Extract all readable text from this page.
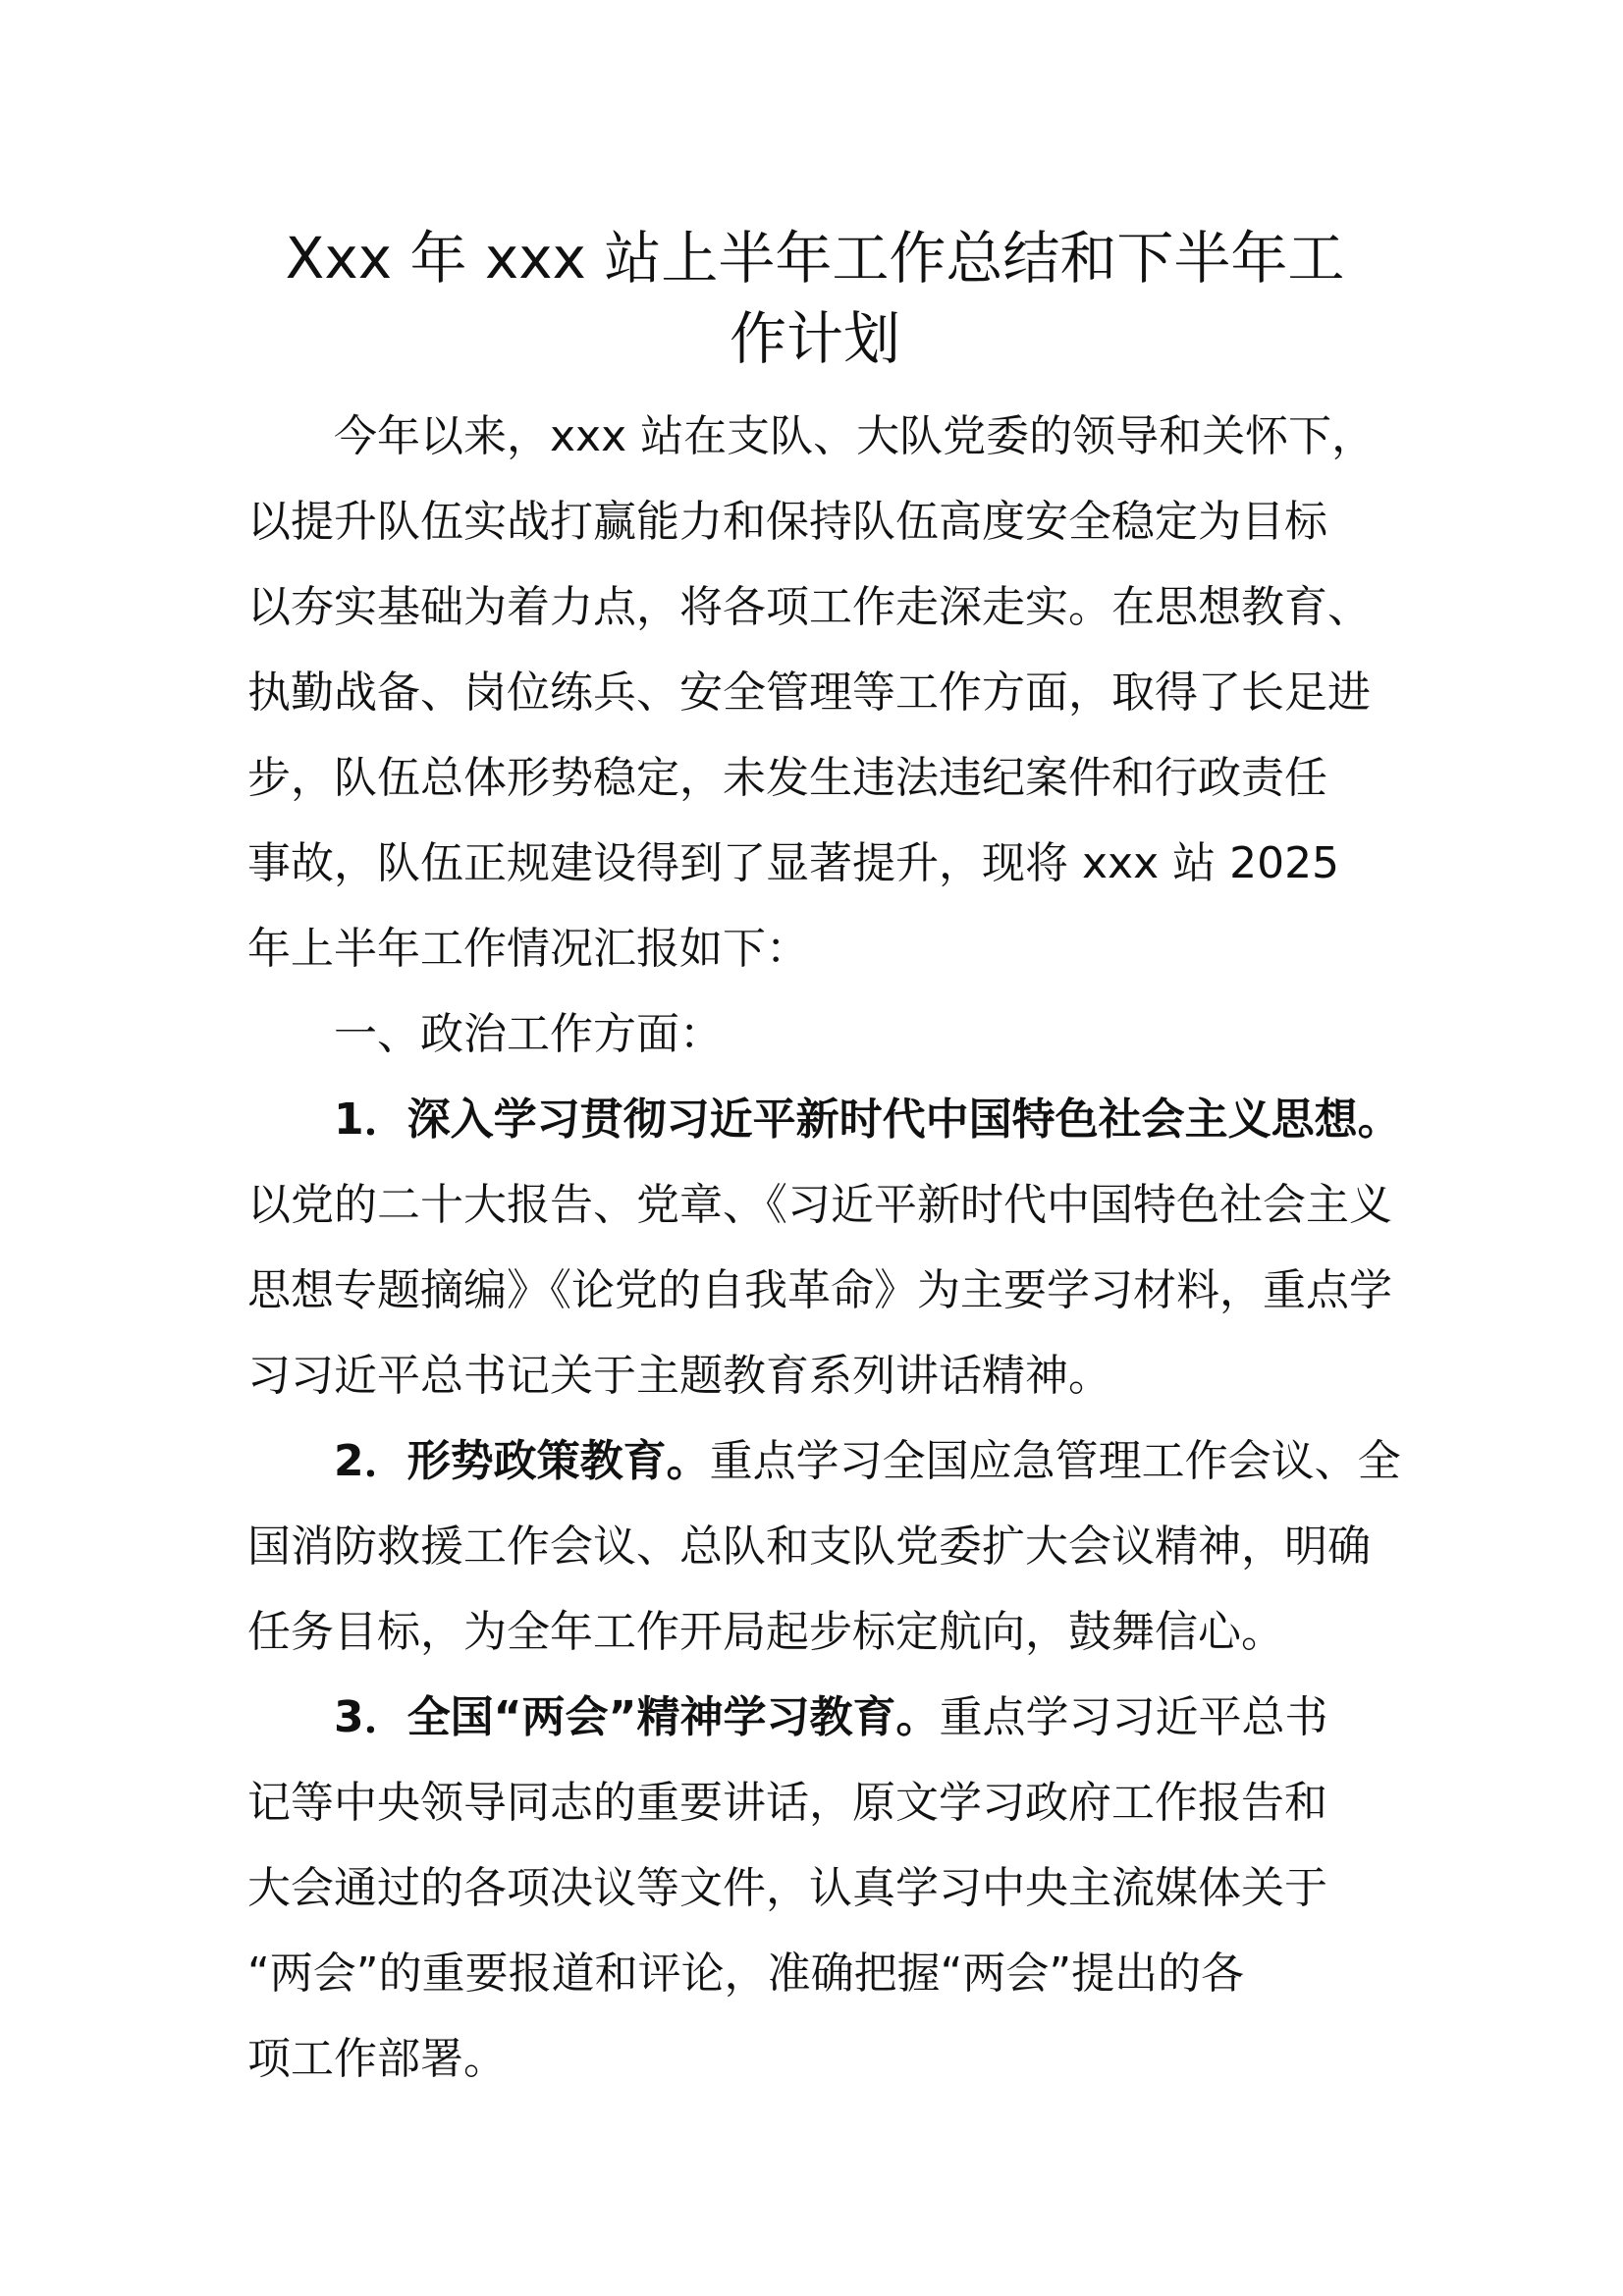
Xxx 年 xxx 站上半年工作总结和下半年工
作计划

今年以来，xxx 站在支队、大队党委的领导和关怀下，

以提升队伍实战打赢能力和保持队伍高度安全稳定为目标

以夯实基础为着力点，将各项工作走深走实。在思想教育、

执勤战备、岗位练兵、安全管理等工作方面，取得了长足进

步，队伍总体形势稳定，未发生违法违纪案件和行政责任

事故，队伍正规建设得到了显著提升，现将 xxx 站 2025

年上半年工作情况汇报如下：

一、政治工作方面：

1．深入学习贯彻习近平新时代中国特色社会主义思想。

以党的二十大报告、党章、《习近平新时代中国特色社会主义

思想专题摘编》《论党的自我革命》为主要学习材料，重点学

习习近平总书记关于主题教育系列讲话精神。

2．形势政策教育。重点学习全国应急管理工作会议、全

国消防救援工作会议、总队和支队党委扩大会议精神，明确

任务目标，为全年工作开局起步标定航向，鼓舞信心。

3．全国“两会”精神学习教育。重点学习习近平总书

记等中央领导同志的重要讲话，原文学习政府工作报告和

大会通过的各项决议等文件，认真学习中央主流媒体关于

“两会”的重要报道和评论，准确把握“两会”提出的各

项工作部署。
